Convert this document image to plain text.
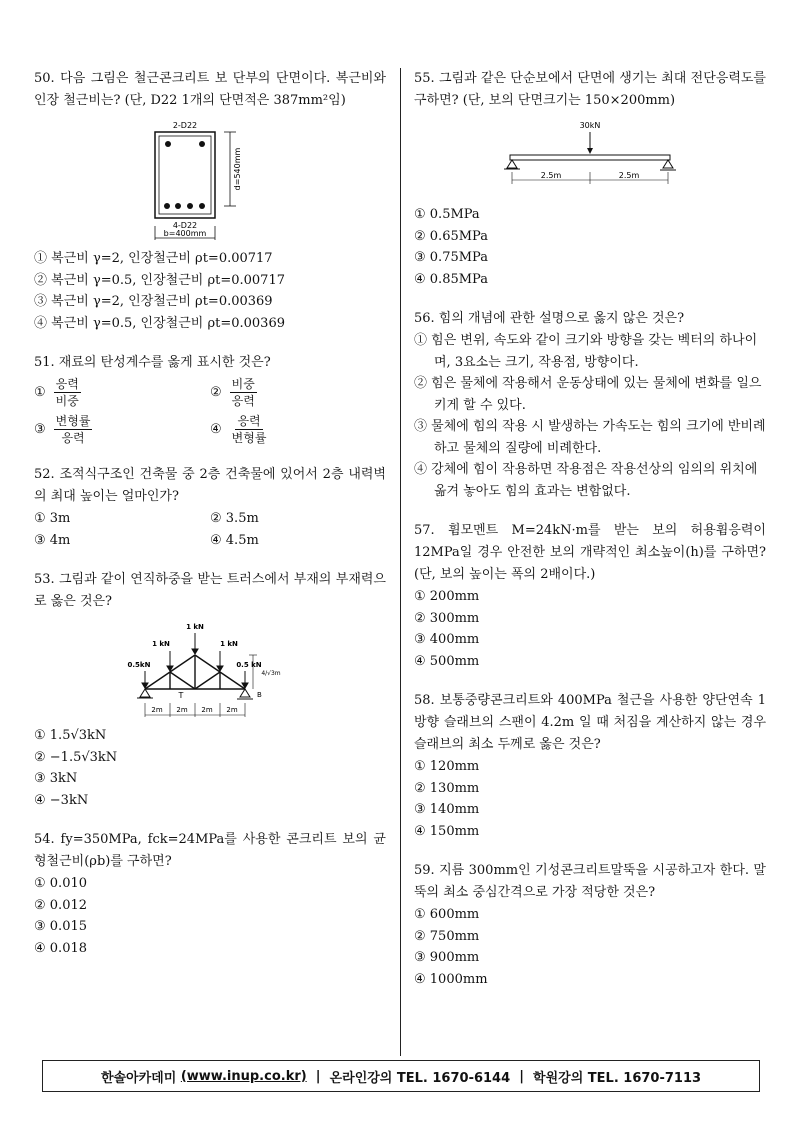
50. 다음 그림은 철근콘크리트 보 단부의 단면이다. 복근비와 인장 철근비는? (단, D22 1개의 단면적은 387mm²임)

2-D22
4-D22
d=540mm
b=400mm

① 복근비 γ=2, 인장철근비 ρt=0.00717

② 복근비 γ=0.5, 인장철근비 ρt=0.00717

③ 복근비 γ=2, 인장철근비 ρt=0.00369

④ 복근비 γ=0.5, 인장철근비 ρt=0.00369

51. 재료의 탄성계수를 옳게 표시한 것은?

① $\frac{\text{응력}}{\text{비중}}$	② $\frac{\text{비중}}{\text{응력}}$
③ $\frac{\text{변형률}}{\text{응력}}$	④ $\frac{\text{응력}}{\text{변형률}}$

52. 조적식구조인 건축물 중 2층 건축물에 있어서 2층 내력벽의 최대 높이는 얼마인가?

① 3m	② 3.5m

③ 4m	④ 4.5m

53. 그림과 같이 연직하중을 받는 트러스에서 부재의 부재력으로 옳은 것은?

1 kN
1 kN	1 kN
0.5kN	0.5 kN
4/√3m
T	B
2m 2m 2m 2m

① 1.5√3kN

② −1.5√3kN

③ 3kN

④ −3kN

54. fy=350MPa, fck=24MPa를 사용한 콘크리트 보의 균형철근비(ρb)를 구하면?

① 0.010

② 0.012

③ 0.015

④ 0.018

55. 그림과 같은 단순보에서 단면에 생기는 최대 전단응력도를 구하면? (단, 보의 단면크기는 150×200mm)

30kN
2.5m	2.5m

① 0.5MPa

② 0.65MPa

③ 0.75MPa

④ 0.85MPa

56. 힘의 개념에 관한 설명으로 옳지 않은 것은?

① 힘은 변위, 속도와 같이 크기와 방향을 갖는 벡터의 하나이며, 3요소는 크기, 작용점, 방향이다.

② 힘은 물체에 작용해서 운동상태에 있는 물체에 변화를 일으키게 할 수 있다.

③ 물체에 힘의 작용 시 발생하는 가속도는 힘의 크기에 반비례하고 물체의 질량에 비례한다.

④ 강체에 힘이 작용하면 작용점은 작용선상의 임의의 위치에 옮겨 놓아도 힘의 효과는 변함없다.

57. 휨모멘트 M=24kN·m를 받는 보의 허용휨응력이 12MPa일 경우 안전한 보의 개략적인 최소높이(h)를 구하면? (단, 보의 높이는 폭의 2배이다.)

① 200mm

② 300mm

③ 400mm

④ 500mm

58. 보통중량콘크리트와 400MPa 철근을 사용한 양단연속 1방향 슬래브의 스팬이 4.2m 일 때 처짐을 계산하지 않는 경우 슬래브의 최소 두께로 옳은 것은?

① 120mm

② 130mm

③ 140mm

④ 150mm

59. 지름 300mm인 기성콘크리트말뚝을 시공하고자 한다. 말뚝의 최소 중심간격으로 가장 적당한 것은?

① 600mm

② 750mm

③ 900mm

④ 1000mm

한솔아카데미
(www.inup.co.kr)
|
온라인강의 TEL. 1670-6144
|
학원강의 TEL. 1670-7113
